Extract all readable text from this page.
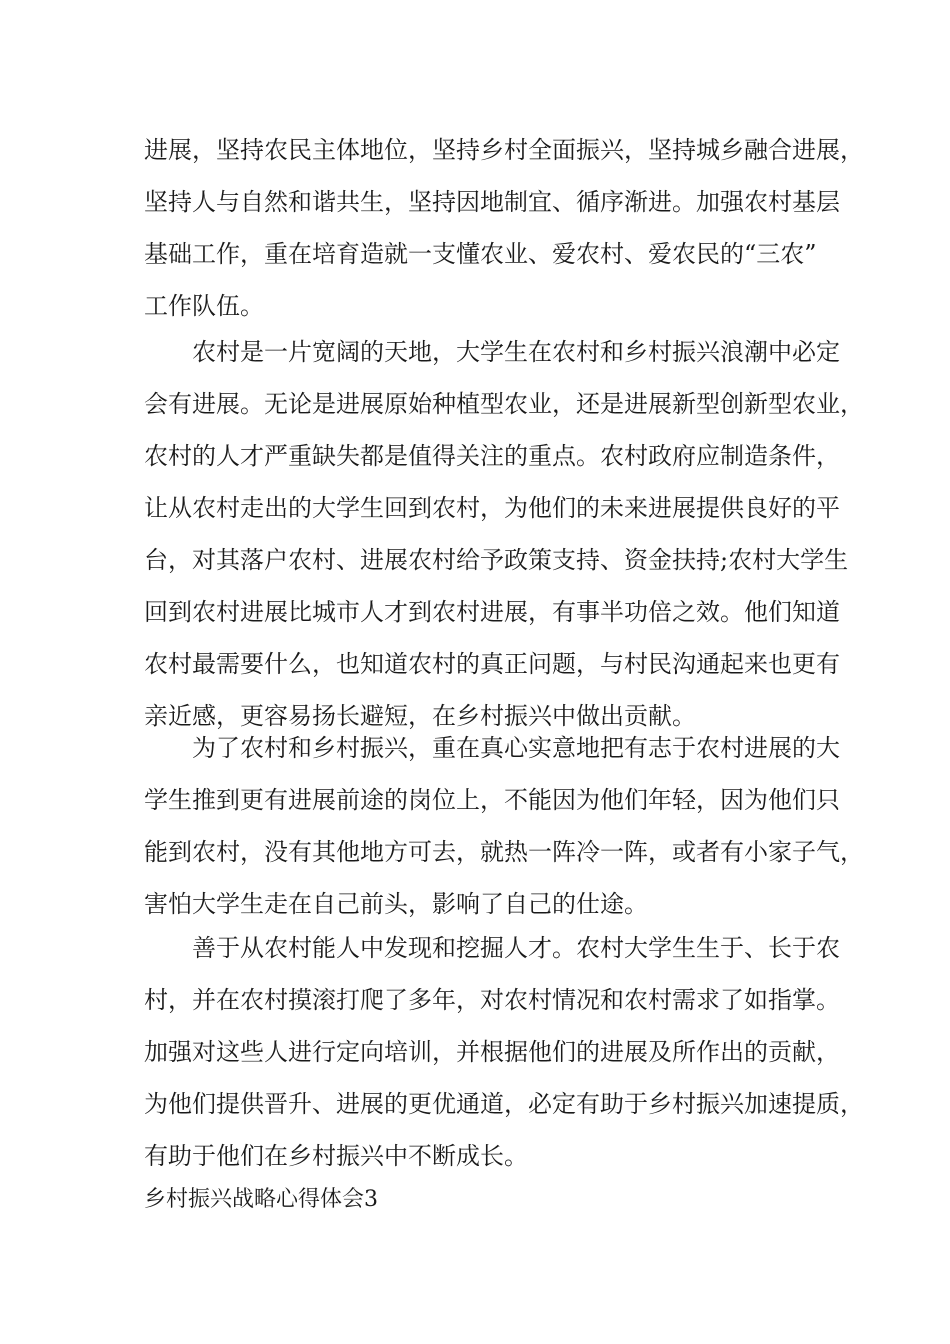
进展，坚持农民主体地位，坚持乡村全面振兴，坚持城乡融合进展，
坚持人与自然和谐共生，坚持因地制宜、循序渐进。加强农村基层
基础工作，重在培育造就一支懂农业、爱农村、爱农民的“三农”
工作队伍。
农村是一片宽阔的天地，大学生在农村和乡村振兴浪潮中必定
会有进展。无论是进展原始种植型农业，还是进展新型创新型农业，
农村的人才严重缺失都是值得关注的重点。农村政府应制造条件，
让从农村走出的大学生回到农村，为他们的未来进展提供良好的平
台，对其落户农村、进展农村给予政策支持、资金扶持;农村大学生
回到农村进展比城市人才到农村进展，有事半功倍之效。他们知道
农村最需要什么，也知道农村的真正问题，与村民沟通起来也更有
亲近感，更容易扬长避短，在乡村振兴中做出贡献。
为了农村和乡村振兴，重在真心实意地把有志于农村进展的大
学生推到更有进展前途的岗位上，不能因为他们年轻，因为他们只
能到农村，没有其他地方可去，就热一阵冷一阵，或者有小家子气，
害怕大学生走在自己前头，影响了自己的仕途。
善于从农村能人中发现和挖掘人才。农村大学生生于、长于农
村，并在农村摸滚打爬了多年，对农村情况和农村需求了如指掌。
加强对这些人进行定向培训，并根据他们的进展及所作出的贡献，
为他们提供晋升、进展的更优通道，必定有助于乡村振兴加速提质，
有助于他们在乡村振兴中不断成长。
乡村振兴战略心得体会3
